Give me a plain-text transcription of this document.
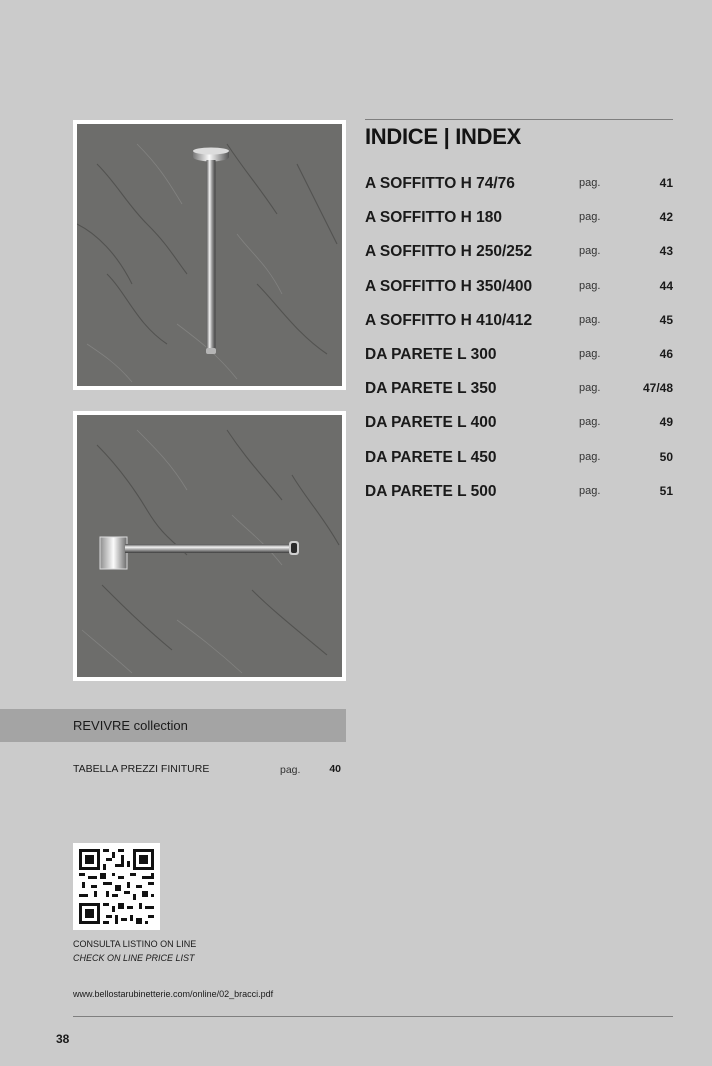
INDICE | INDEX
A SOFFITTO H 74/76	pag.	41
A SOFFITTO H 180	pag.	42
A SOFFITTO H 250/252	pag.	43
A SOFFITTO H 350/400	pag.	44
A SOFFITTO H 410/412	pag.	45
DA PARETE L 300	pag.	46
DA PARETE L 350	pag.	47/48
DA PARETE L 400	pag.	49
DA PARETE L 450	pag.	50
DA PARETE L 500	pag.	51
REVIVRE collection
TABELLA PREZZI FINITURE	pag.	40
CONSULTA LISTINO ON LINE
CHECK ON LINE PRICE LIST
www.bellostarubinetterie.com/online/02_bracci.pdf
38
